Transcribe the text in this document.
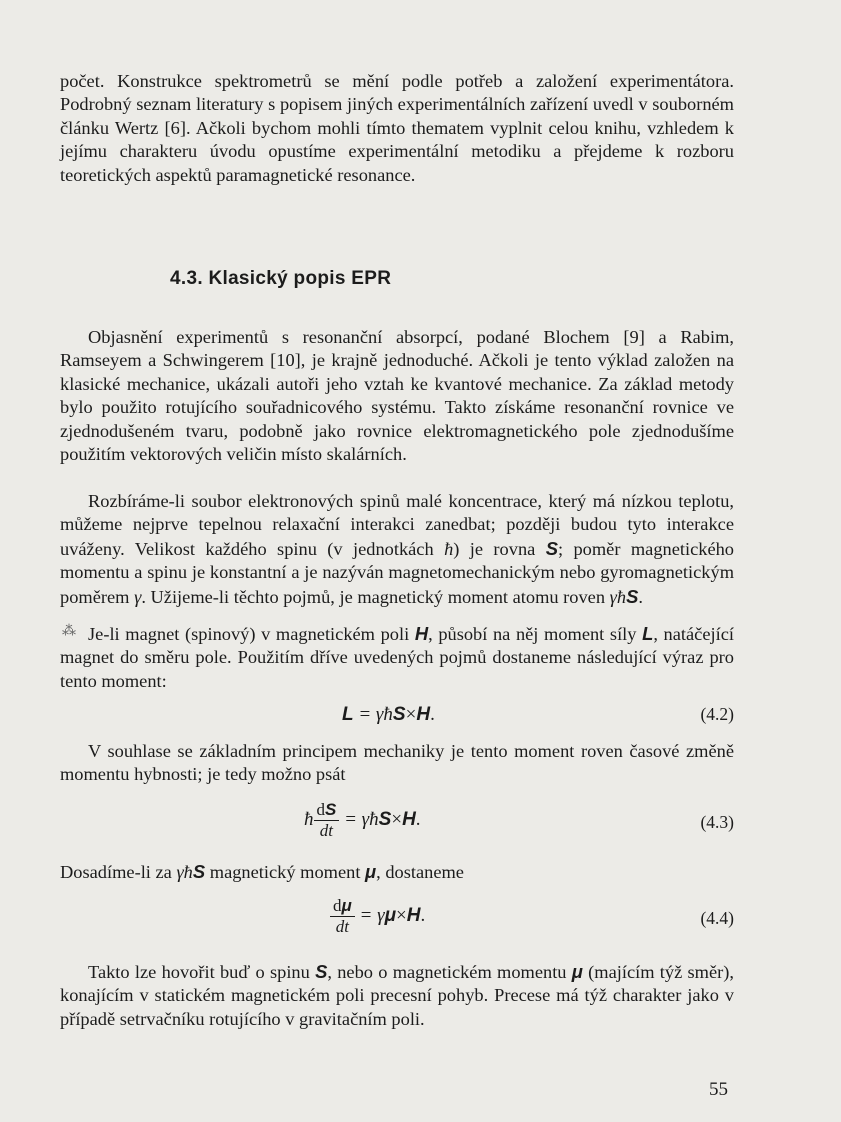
počet. Konstrukce spektrometrů se mění podle potřeb a založení experimentátora. Podrobný seznam literatury s popisem jiných experimentálních zařízení uvedl v souborném článku Wertz [6]. Ačkoli bychom mohli tímto thematem vyplnit celou knihu, vzhledem k jejímu charakteru úvodu opustíme experimentální metodiku a přejdeme k rozboru teoretických aspektů paramagnetické resonance.

4.3. Klasický popis EPR

Objasnění experimentů s resonanční absorpcí, podané Blochem [9] a Rabim, Ramseyem a Schwingerem [10], je krajně jednoduché. Ačkoli je tento výklad založen na klasické mechanice, ukázali autoři jeho vztah ke kvantové mechanice. Za základ metody bylo použito rotujícího souřadnicového systému. Takto získáme resonanční rovnice ve zjednodušeném tvaru, podobně jako rovnice elektromagnetického pole zjednodušíme použitím vektorových veličin místo skalárních.

Rozbíráme-li soubor elektronových spinů malé koncentrace, který má nízkou teplotu, můžeme nejprve tepelnou relaxační interakci zanedbat; později budou tyto interakce uváženy. Velikost každého spinu (v jednotkách ħ) je rovna S; poměr magnetického momentu a spinu je konstantní a je nazýván magnetomechanickým nebo gyromagnetickým poměrem γ. Užijeme-li těchto pojmů, je magnetický moment atomu roven γħS.

⁂ Je-li magnet (spinový) v magnetickém poli H, působí na něj moment síly L, natáčející magnet do směru pole. Použitím dříve uvedených pojmů dostaneme následující výraz pro tento moment:

L = γħS×H.	(4.2)

V souhlase se základním principem mechaniky je tento moment roven časové změně momentu hybnosti; je tedy možno psát

ħ $\frac{dS}{dt}$ = γħS×H.	(4.3)

Dosadíme-li za γħS magnetický moment μ, dostaneme

$\frac{d\mu}{dt} = \gamma\mu\times H$.	(4.4)

Takto lze hovořit buď o spinu S, nebo o magnetickém momentu μ (majícím týž směr), konajícím v statickém magnetickém poli precesní pohyb. Precese má týž charakter jako v případě setrvačníku rotujícího v gravitačním poli.

55
